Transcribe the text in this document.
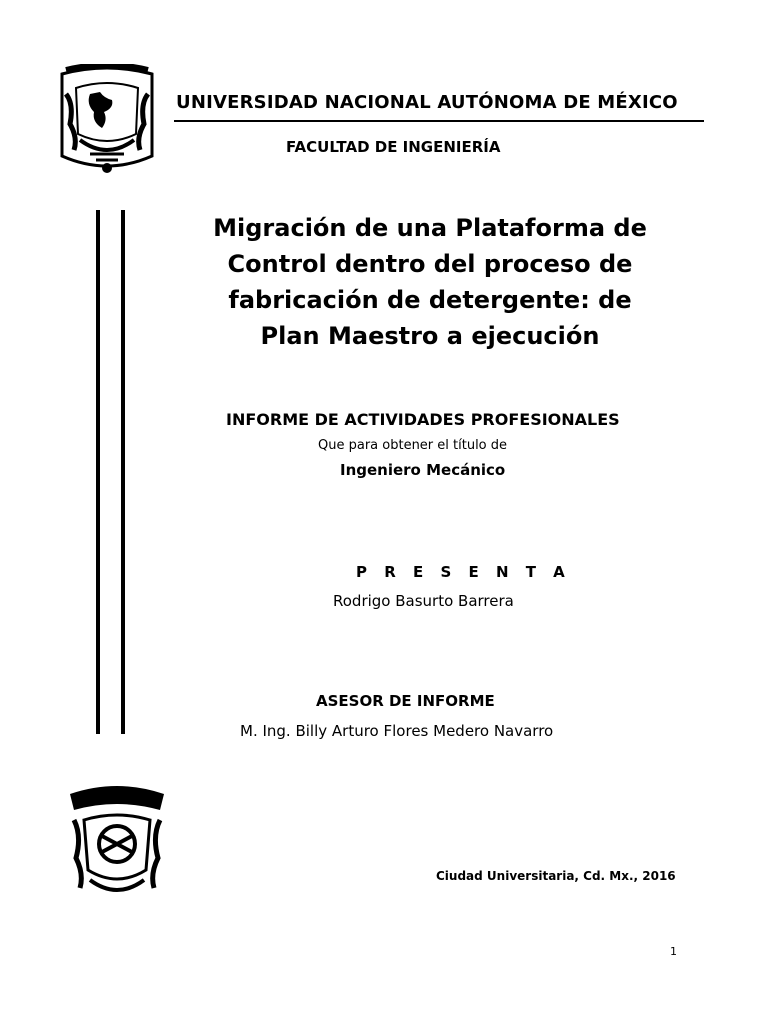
UNIVERSIDAD NACIONAL AUTÓNOMA DE MÉXICO
FACULTAD DE INGENIERÍA
Migración de una Plataforma de
Control dentro del proceso de
fabricación de detergente: de
Plan Maestro a ejecución
INFORME DE ACTIVIDADES PROFESIONALES
Que para obtener el título de
Ingeniero Mecánico
P R E S E N T A
Rodrigo Basurto Barrera
ASESOR DE INFORME
M. Ing. Billy Arturo Flores Medero Navarro
Ciudad Universitaria, Cd. Mx., 2016
1
